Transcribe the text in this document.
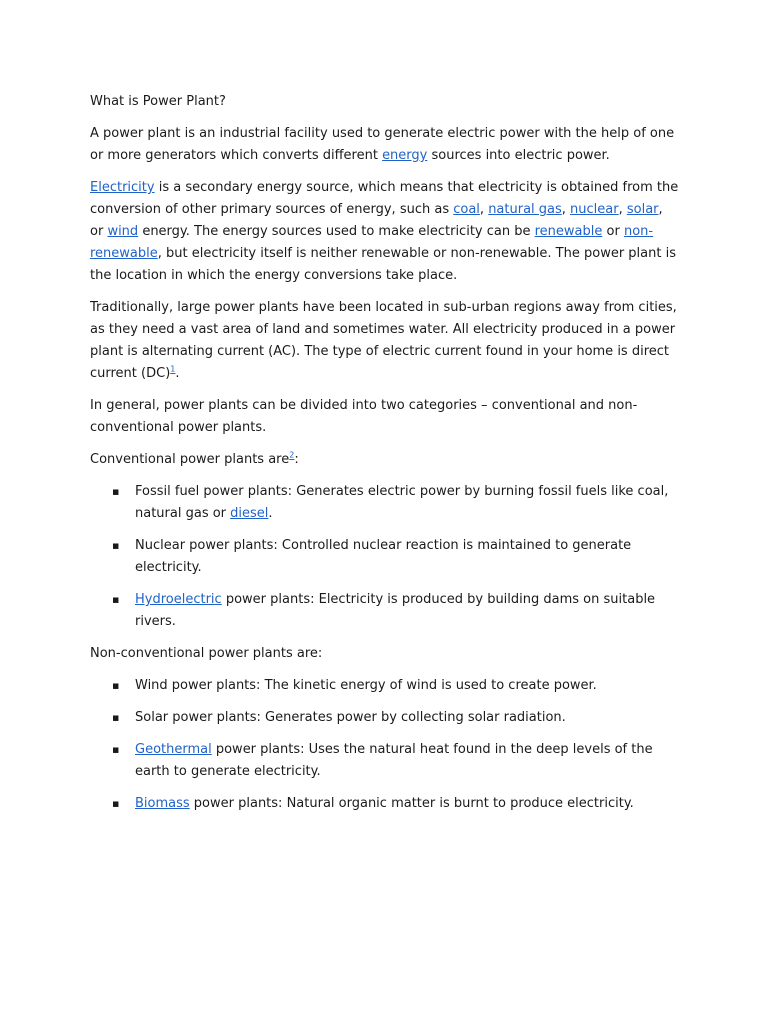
What is Power Plant?

A power plant is an industrial facility used to generate electric power with the help of one or more generators which converts different energy sources into electric power.

Electricity is a secondary energy source, which means that electricity is obtained from the conversion of other primary sources of energy, such as coal, natural gas, nuclear, solar, or wind energy. The energy sources used to make electricity can be renewable or non-renewable, but electricity itself is neither renewable or non-renewable. The power plant is the location in which the energy conversions take place.

Traditionally, large power plants have been located in sub-urban regions away from cities, as they need a vast area of land and sometimes water. All electricity produced in a power plant is alternating current (AC). The type of electric current found in your home is direct current (DC)$^1$.

In general, power plants can be divided into two categories – conventional and non-conventional power plants.

Conventional power plants are$^2$:

▪ Fossil fuel power plants: Generates electric power by burning fossil fuels like coal, natural gas or diesel.
▪ Nuclear power plants: Controlled nuclear reaction is maintained to generate electricity.
▪ Hydroelectric power plants: Electricity is produced by building dams on suitable rivers.

Non-conventional power plants are:

▪ Wind power plants: The kinetic energy of wind is used to create power.
▪ Solar power plants: Generates power by collecting solar radiation.
▪ Geothermal power plants: Uses the natural heat found in the deep levels of the earth to generate electricity.
▪ Biomass power plants: Natural organic matter is burnt to produce electricity.
